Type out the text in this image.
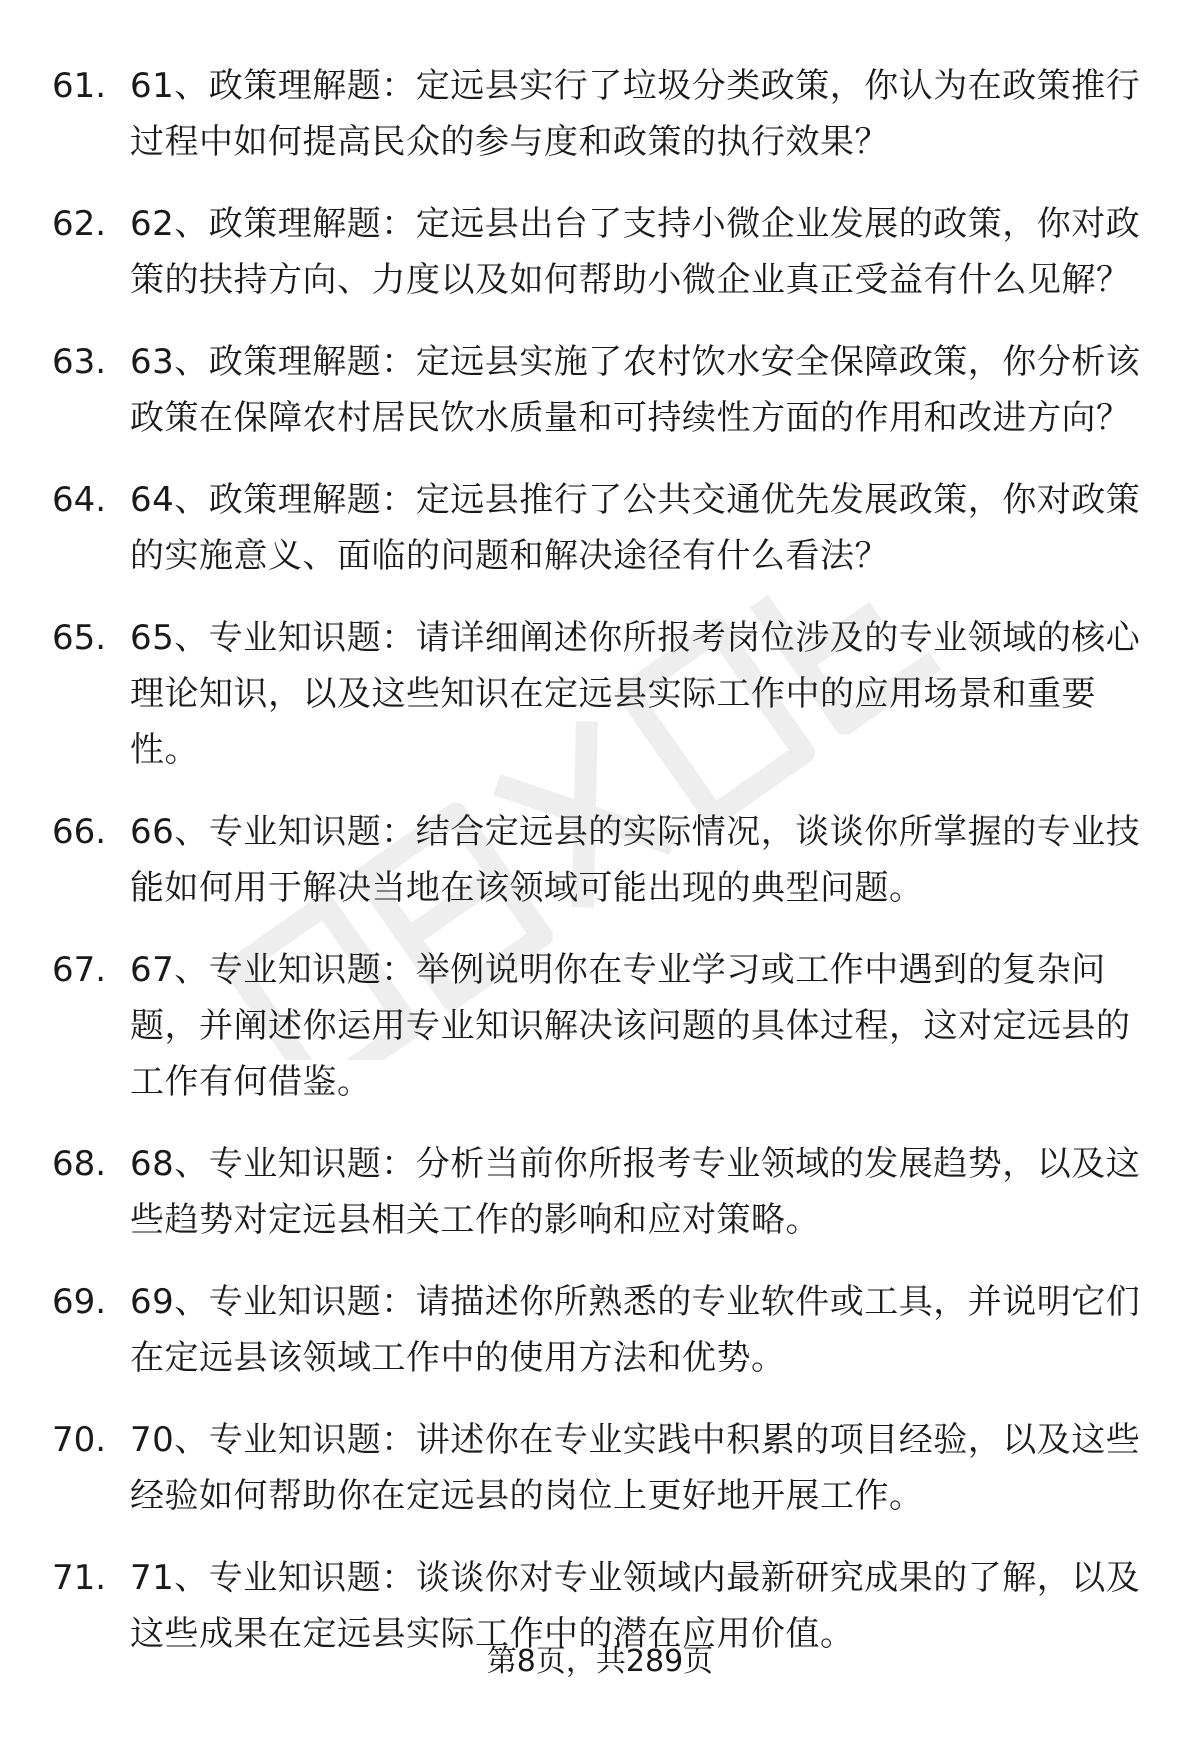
61. 61、政策理解题：定远县实行了垃圾分类政策，你认为在政策推行过程中如何提高民众的参与度和政策的执行效果？
62. 62、政策理解题：定远县出台了支持小微企业发展的政策，你对政策的扶持方向、力度以及如何帮助小微企业真正受益有什么见解？
63. 63、政策理解题：定远县实施了农村饮水安全保障政策，你分析该政策在保障农村居民饮水质量和可持续性方面的作用和改进方向？
64. 64、政策理解题：定远县推行了公共交通优先发展政策，你对政策的实施意义、面临的问题和解决途径有什么看法？
65. 65、专业知识题：请详细阐述你所报考岗位涉及的专业领域的核心理论知识，以及这些知识在定远县实际工作中的应用场景和重要性。
66. 66、专业知识题：结合定远县的实际情况，谈谈你所掌握的专业技能如何用于解决当地在该领域可能出现的典型问题。
67. 67、专业知识题：举例说明你在专业学习或工作中遇到的复杂问题，并阐述你运用专业知识解决该问题的具体过程，这对定远县的工作有何借鉴。
68. 68、专业知识题：分析当前你所报考专业领域的发展趋势，以及这些趋势对定远县相关工作的影响和应对策略。
69. 69、专业知识题：请描述你所熟悉的专业软件或工具，并说明它们在定远县该领域工作中的使用方法和优势。
70. 70、专业知识题：讲述你在专业实践中积累的项目经验，以及这些经验如何帮助你在定远县的岗位上更好地开展工作。
71. 71、专业知识题：谈谈你对专业领域内最新研究成果的了解，以及这些成果在定远县实际工作中的潜在应用价值。
第8页，共289页
